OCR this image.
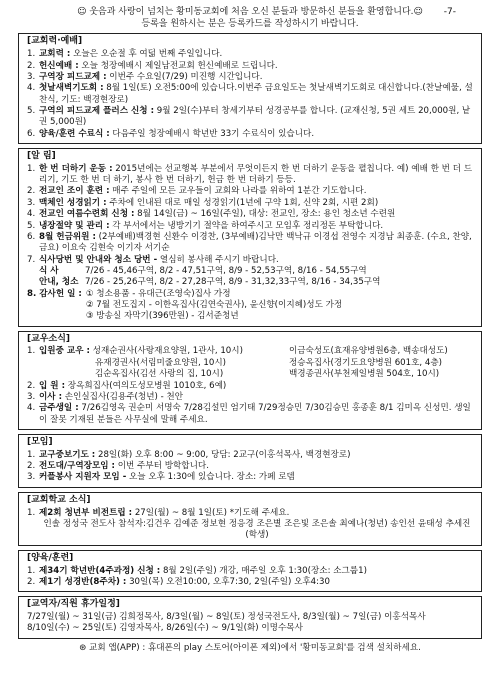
☺ 웃음과 사랑이 넘치는 황미동교회에 처음 오신 분들과 방문하신 분들을 환영합니다.☺	-7-
등록을 원하시는 분은 등록카드를 작성하시기 바랍니다.
[교회력·예배]
1. 교회력 : 오늘은 오순절 후 여덟 번째 주일입니다.
2. 헌신예배 : 오늘 청장예배시 제일남전교회 헌신예배로 드립니다.
3. 구역장 피드교제 : 이번주 수요일(7/29) 미진행 시간입니다.
4. 첫날새벽기도회 : 8월 1일(토) 오전5:00에 있습니다.이번주 금요일도는 첫날새벽기도회로 대신합니다.(찬날예물, 설찬식, 기도: 백경현장로)
5. 구역의 피드교제 플러스 신청 : 9월 2일(수)부터 창세기부터 성경공부를 합니다. (교재신청, 5권 세트 20,000원, 낱권 5,000원)
6. 양육/훈련 수료식 : 다음주일 청장예배시 학년반 33기 수료식이 있습니다.
[알 림]
1. 한 번 더하기 운동 : 2015년에는 선교행복 부분에서 무엇이든지 한 번 더하기 운동을 펼칩니다. 예) 예배 한 번 더 드리기, 기도 한 번 더 하기, 봉사 한 번 더하기, 헌금 한 번 더하기 등등.
2. 전교인 조이 훈련 : 매주 주일에 모든 교우들이 교회와 나라를 위하여 1분간 기도합니다.
3. 맥체인 성경읽기 : 주차에 인내된 대로 매일 성경읽기(1년에 구약 1회, 신약 2회, 시편 2회)
4. 전교인 여름수련회 신청 : 8월 14일(금) ~ 16일(주일), 대상: 전교인, 장소: 용인 청소년 수련원
5. 냉장절약 및 관리 : 각 부서에서는 냉방기기 절약을 하여주시고 모임후 정리정돈 부탁합니다.
6. 8월 헌금위원 : (2부예배)백경현 신환수 이경찬, (3부예배)김낙만 백낙규 이경섭 전영수 지경남 최종훈. (수요, 찬양, 금요) 이요숙 김현숙 이기자 서기순
7. 식사당번 및 안내와 청소 당번 - 열심히 봉사해 주시기 바랍니다.
식 사	7/26 - 45,46구역, 8/2 - 47,51구역, 8/9 - 52,53구역, 8/16 - 54,55구역
안내, 청소 7/26 - 25,26구역, 8/2 - 27,28구역, 8/9 - 31,32,33구역, 8/16 - 34,35구역
8. 감사헌 일 : ① 청소용품 - 유대근(조영숙)집사 가정
② 7월 전도집지 - 이한옥집사(김연숙권사), 윤신향(이지혜)성도 가정
③ 방송실 자막기(396만원) - 김서준청년
[교우소식]
1. 입원중 교우 : 성재순권사(사랑재요양원, 1관사, 10시)	이금숙성도(효재유양병원6층, 백송대성도)
유재경권사(서림미줄요양원, 10시)	정승옥집사(경기도요양병원 601호, 4층)
김순옥집사(김선 사랑의 집, 10시)	백경종권사(부천제일병원 504호, 10시)
2. 입 원 : 장옥희집사(여의도성모병원 1010호, 6예)
3. 이사 : 손인실집사(김용주(청년) - 천안
4. 금주생일 : 7/26김영옥 권순미 서명숙 7/28김설민 엄기태 7/29정승민 7/30김승민 홍종훈 8/1 김미옥 신성민. 생일이 잘못 기재된 분들은 사무실에 말해 주세요.
[모임]
1. 교구중보기도 : 28일(화) 오후 8:00 ~ 9:00, 당담: 2교구(이홍석목사, 백경현장로)
2. 전도대/구역장모임 : 이번 주부터 방학합니다.
3. 커플봉사 지원자 모임 - 오늘 오후 1:30에 있습니다. 장소: 가페 로뎀
[교회학교 소식]
1. 제2회 청년부 비전트립 : 27일(월) ~ 8월 1일(토) *기도해 주세요.
인솔 정성국 전도사 참석자:김건우 김예준 정보현 정응경 조은별 조은빛 조은솔 최예나(청년) 송인선 윤태성 추세진(학생)
[양육/훈련]
1. 제34기 학년반(4주과정) 신청 : 8월 2일(주일) 개강, 매주일 오후 1:30(장소: 소그룹1)
2. 제1기 성경반(8주차) : 30일(목) 오전10:00, 오후7:30, 2일(주일) 오후4:30
[교역자/직원 휴가일정]
7/27일(월) ~ 31일(금) 김희정목사, 8/3일(월) ~ 8일(토) 정성국전도사, 8/3일(월) ~ 7일(금) 이홍석목사
8/10일(수) ~ 25일(토) 김영자목사, 8/26일(수) ~ 9/1일(화) 이명수목사
⊛ 교회 앱(APP) : 휴대폰의 play 스토어(아이폰 제외)에서 '황미동교회'를 검색 설치하세요.
